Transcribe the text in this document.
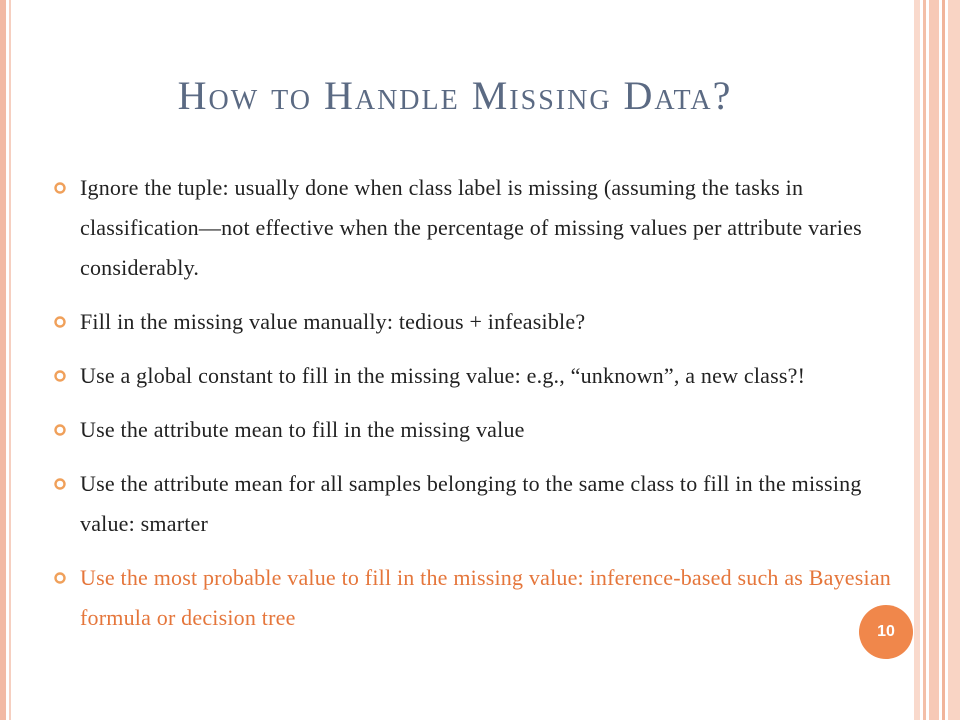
How to Handle Missing Data?
Ignore the tuple: usually done when class label is missing (assuming the tasks in classification—not effective when the percentage of missing values per attribute varies considerably.
Fill in the missing value manually: tedious + infeasible?
Use a global constant to fill in the missing value: e.g., “unknown”, a new class?!
Use the attribute mean to fill in the missing value
Use the attribute mean for all samples belonging to the same class to fill in the missing value: smarter
Use the most probable value to fill in the missing value: inference-based such as Bayesian formula or decision tree
10
